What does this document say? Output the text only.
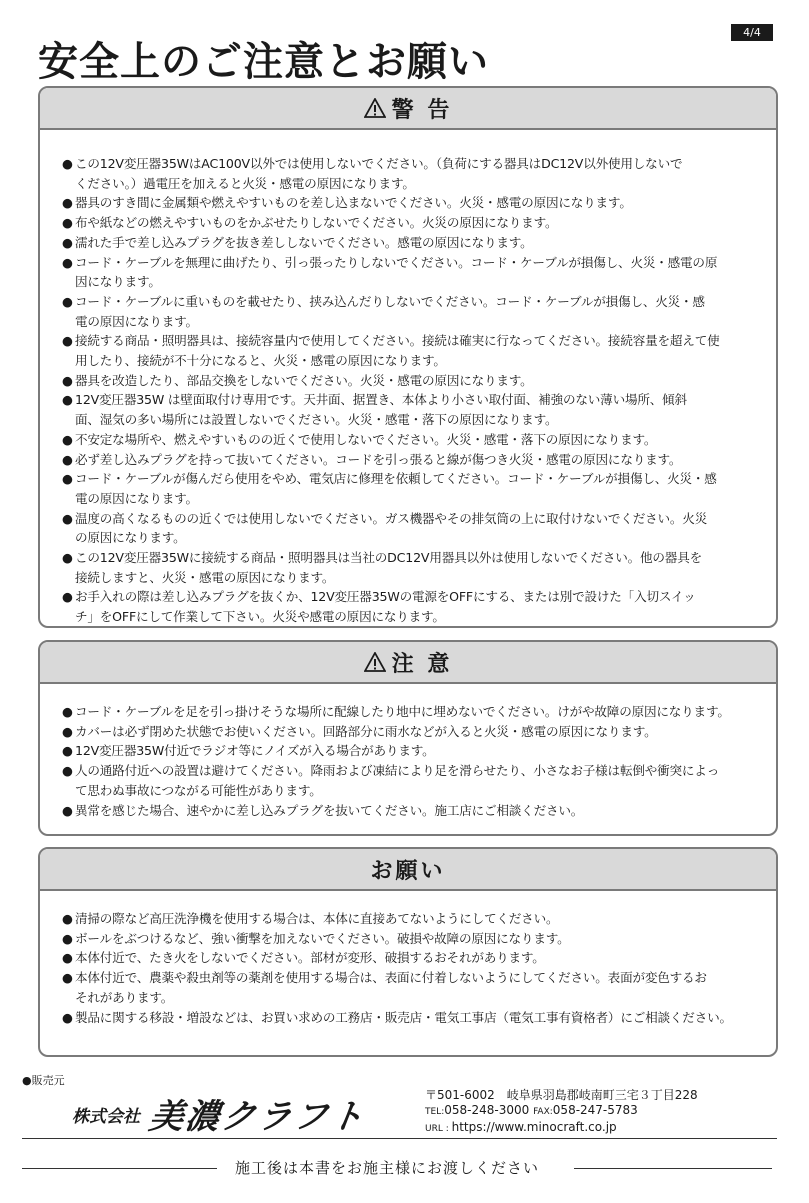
4/4
安全上のご注意とお願い
警 告
● この12V変圧器35WはAC100V以外では使用しないでください。（負荷にする器具はDC12V以外使用しないで
ください。）過電圧を加えると火災・感電の原因になります。
● 器具のすき間に金属類や燃えやすいものを差し込まないでください。火災・感電の原因になります。
● 布や紙などの燃えやすいものをかぶせたりしないでください。火災の原因になります。
● 濡れた手で差し込みプラグを抜き差ししないでください。感電の原因になります。
● コード・ケーブルを無理に曲げたり、引っ張ったりしないでください。コード・ケーブルが損傷し、火災・感電の原
因になります。
● コード・ケーブルに重いものを載せたり、挟み込んだりしないでください。コード・ケーブルが損傷し、火災・感
電の原因になります。
● 接続する商品・照明器具は、接続容量内で使用してください。接続は確実に行なってください。接続容量を超えて使
用したり、接続が不十分になると、火災・感電の原因になります。
● 器具を改造したり、部品交換をしないでください。火災・感電の原因になります。
● 12V変圧器35W は壁面取付け専用です。天井面、据置き、本体より小さい取付面、補強のない薄い場所、傾斜
面、湿気の多い場所には設置しないでください。火災・感電・落下の原因になります。
● 不安定な場所や、燃えやすいものの近くで使用しないでください。火災・感電・落下の原因になります。
● 必ず差し込みプラグを持って抜いてください。コードを引っ張ると線が傷つき火災・感電の原因になります。
● コード・ケーブルが傷んだら使用をやめ、電気店に修理を依頼してください。コード・ケーブルが損傷し、火災・感
電の原因になります。
● 温度の高くなるものの近くでは使用しないでください。ガス機器やその排気筒の上に取付けないでください。火災
の原因になります。
● この12V変圧器35Wに接続する商品・照明器具は当社のDC12V用器具以外は使用しないでください。他の器具を
接続しますと、火災・感電の原因になります。
● お手入れの際は差し込みプラグを抜くか、12V変圧器35Wの電源をOFFにする、または別で設けた「入切スイッ
チ」をOFFにして作業して下さい。火災や感電の原因になります。
注 意
● コード・ケーブルを足を引っ掛けそうな場所に配線したり地中に埋めないでください。けがや故障の原因になります。
● カバーは必ず閉めた状態でお使いください。回路部分に雨水などが入ると火災・感電の原因になります。
● 12V変圧器35W付近でラジオ等にノイズが入る場合があります。
● 人の通路付近への設置は避けてください。降雨および凍結により足を滑らせたり、小さなお子様は転倒や衝突によっ
て思わぬ事故につながる可能性があります。
● 異常を感じた場合、速やかに差し込みプラグを抜いてください。施工店にご相談ください。
お願い
● 清掃の際など高圧洗浄機を使用する場合は、本体に直接あてないようにしてください。
● ボールをぶつけるなど、強い衝撃を加えないでください。破損や故障の原因になります。
● 本体付近で、たき火をしないでください。部材が変形、破損するおそれがあります。
● 本体付近で、農薬や殺虫剤等の薬剤を使用する場合は、表面に付着しないようにしてください。表面が変色するお
それがあります。
● 製品に関する移設・増設などは、お買い求めの工務店・販売店・電気工事店（電気工事有資格者）にご相談ください。
●販売元
株式会社 美濃クラフト
〒501-6002　岐阜県羽島郡岐南町三宅３丁目228
TEL:058-248-3000 FAX:058-247-5783
URL : https://www.minocraft.co.jp
施工後は本書をお施主様にお渡しください
